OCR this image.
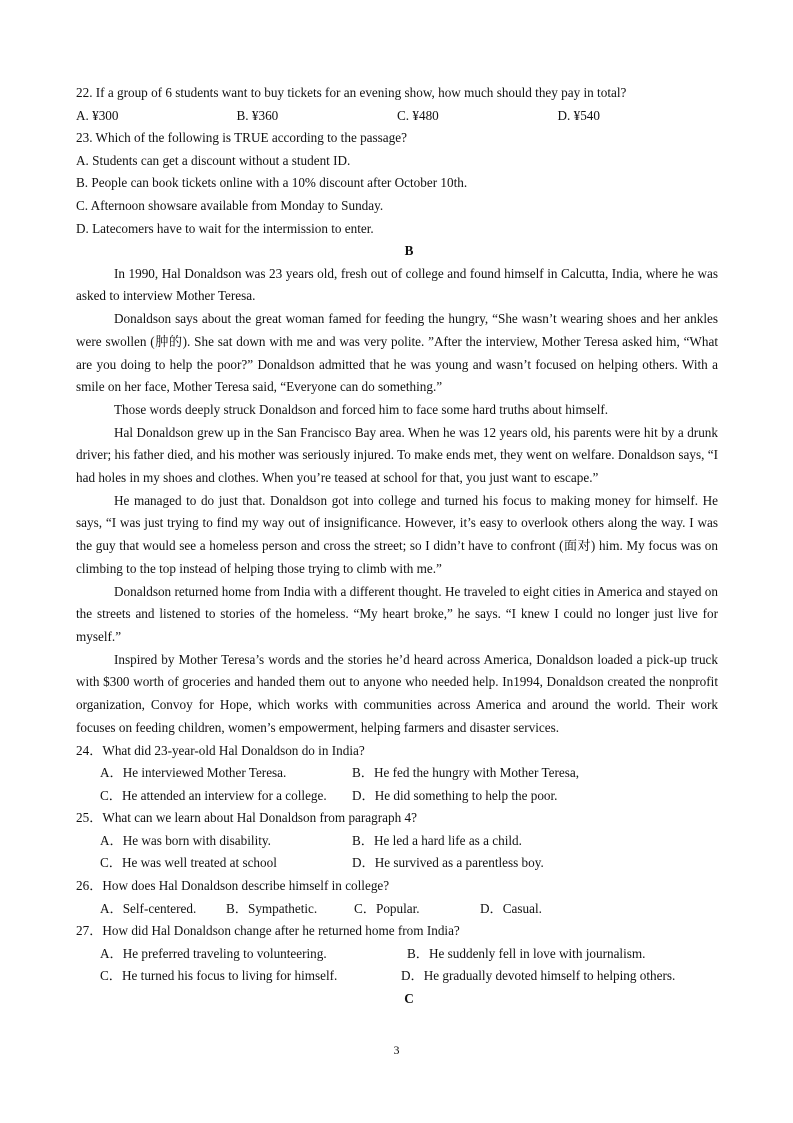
22. If a group of 6 students want to buy tickets for an evening show, how much should they pay in total?
A. ¥300	B. ¥360	C. ¥480	D. ¥540
23. Which of the following is TRUE according to the passage?
A. Students can get a discount without a student ID.
B. People can book tickets online with a 10% discount after October 10th.
C. Afternoon showsare available from Monday to Sunday.
D. Latecomers have to wait for the intermission to enter.
B

In 1990, Hal Donaldson was 23 years old, fresh out of college and found himself in Calcutta, India, where he was asked to interview Mother Teresa.

Donaldson says about the great woman famed for feeding the hungry, “She wasn’t wearing shoes and her ankles were swollen (肿的). She sat down with me and was very polite. ”After the interview, Mother Teresa asked him, “What are you doing to help the poor?” Donaldson admitted that he was young and wasn’t focused on helping others. With a smile on her face, Mother Teresa said, “Everyone can do something.”

Those words deeply struck Donaldson and forced him to face some hard truths about himself.

Hal Donaldson grew up in the San Francisco Bay area. When he was 12 years old, his parents were hit by a drunk driver; his father died, and his mother was seriously injured. To make ends met, they went on welfare. Donaldson says, “I had holes in my shoes and clothes. When you’re teased at school for that, you just want to escape.”

He managed to do just that. Donaldson got into college and turned his focus to making money for himself. He says, “I was just trying to find my way out of insignificance. However, it’s easy to overlook others along the way. I was the guy that would see a homeless person and cross the street; so I didn’t have to confront (面对) him. My focus was on climbing to the top instead of helping those trying to climb with me.”

Donaldson returned home from India with a different thought. He traveled to eight cities in America and stayed on the streets and listened to stories of the homeless. “My heart broke,” he says. “I knew I could no longer just live for myself.”

Inspired by Mother Teresa’s words and the stories he’d heard across America, Donaldson loaded a pick-up truck with $300 worth of groceries and handed them out to anyone who needed help. In1994, Donaldson created the nonprofit organization, Convoy for Hope, which works with communities across America and around the world. Their work focuses on feeding children, women’s empowerment, helping farmers and disaster services.

24．What did 23-year-old Hal Donaldson do in India?
A．He interviewed Mother Teresa.	B．He fed the hungry with Mother Teresa,
C．He attended an interview for a college.	D．He did something to help the poor.
25．What can we learn about Hal Donaldson from paragraph 4?
A．He was born with disability.	B．He led a hard life as a child.
C．He was well treated at school	D．He survived as a parentless boy.
26．How does Hal Donaldson describe himself in college?
A．Self-centered.	B．Sympathetic.	C．Popular.	D．Casual.
27．How did Hal Donaldson change after he returned home from India?
A．He preferred traveling to volunteering.	B．He suddenly fell in love with journalism.
C．He turned his focus to living for himself.	D．He gradually devoted himself to helping others.
C
3
